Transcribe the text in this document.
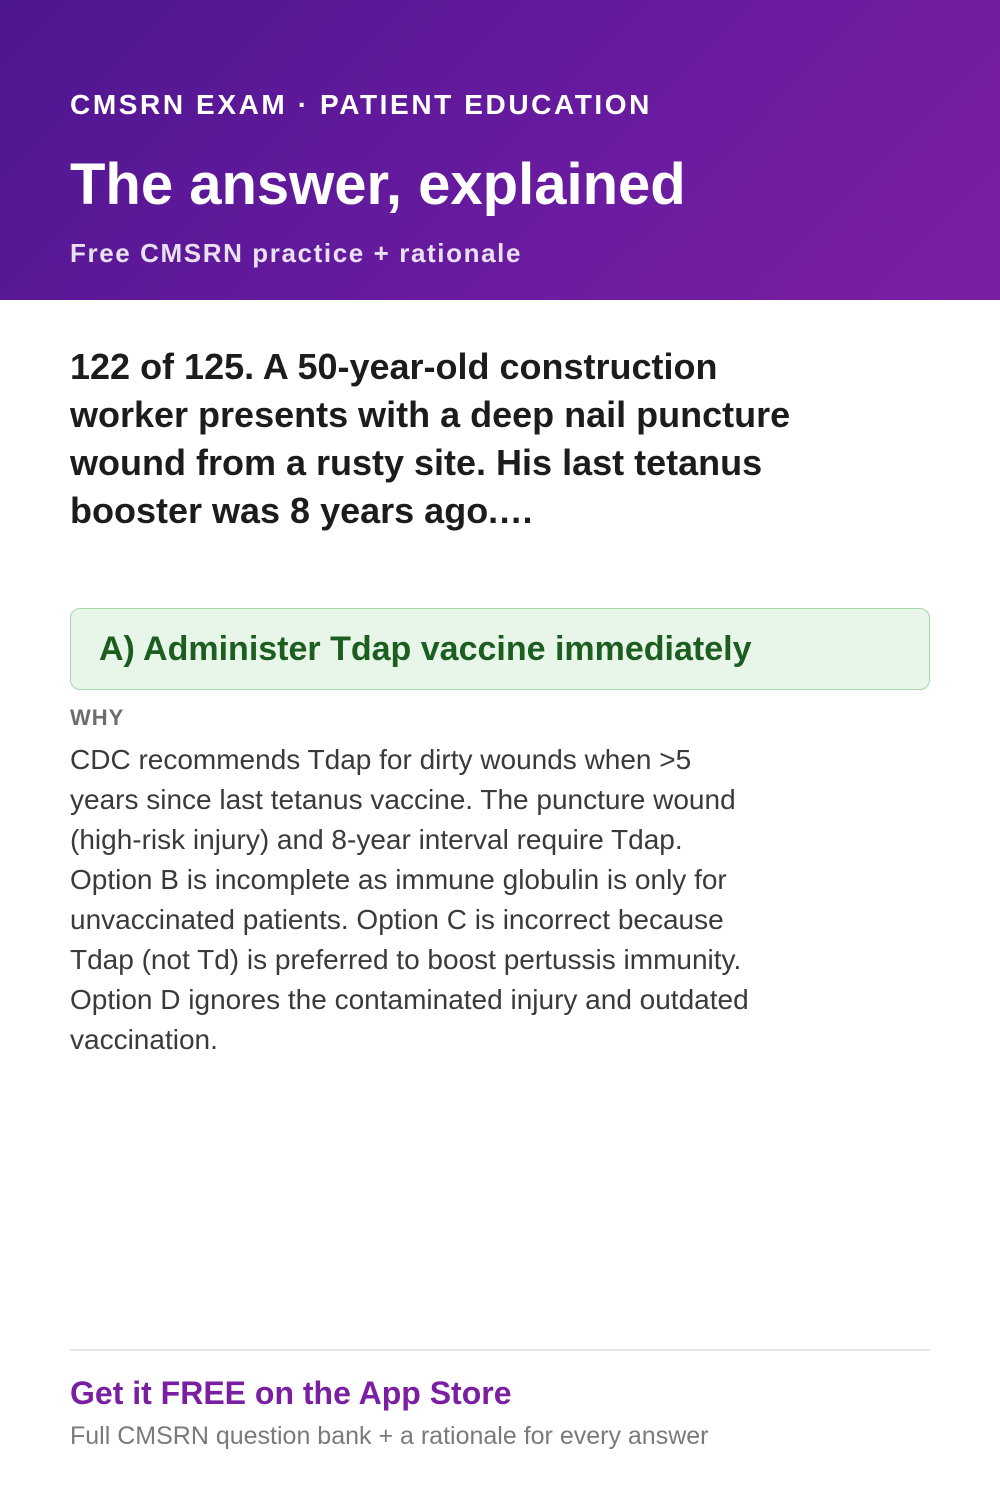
CMSRN EXAM · PATIENT EDUCATION
The answer, explained
Free CMSRN practice + rationale
122 of 125. A 50-year-old construction worker presents with a deep nail puncture wound from a rusty site. His last tetanus booster was 8 years ago.…
A) Administer Tdap vaccine immediately
WHY
CDC recommends Tdap for dirty wounds when >5 years since last tetanus vaccine. The puncture wound (high-risk injury) and 8-year interval require Tdap. Option B is incomplete as immune globulin is only for unvaccinated patients. Option C is incorrect because Tdap (not Td) is preferred to boost pertussis immunity. Option D ignores the contaminated injury and outdated vaccination.
Get it FREE on the App Store
Full CMSRN question bank + a rationale for every answer
